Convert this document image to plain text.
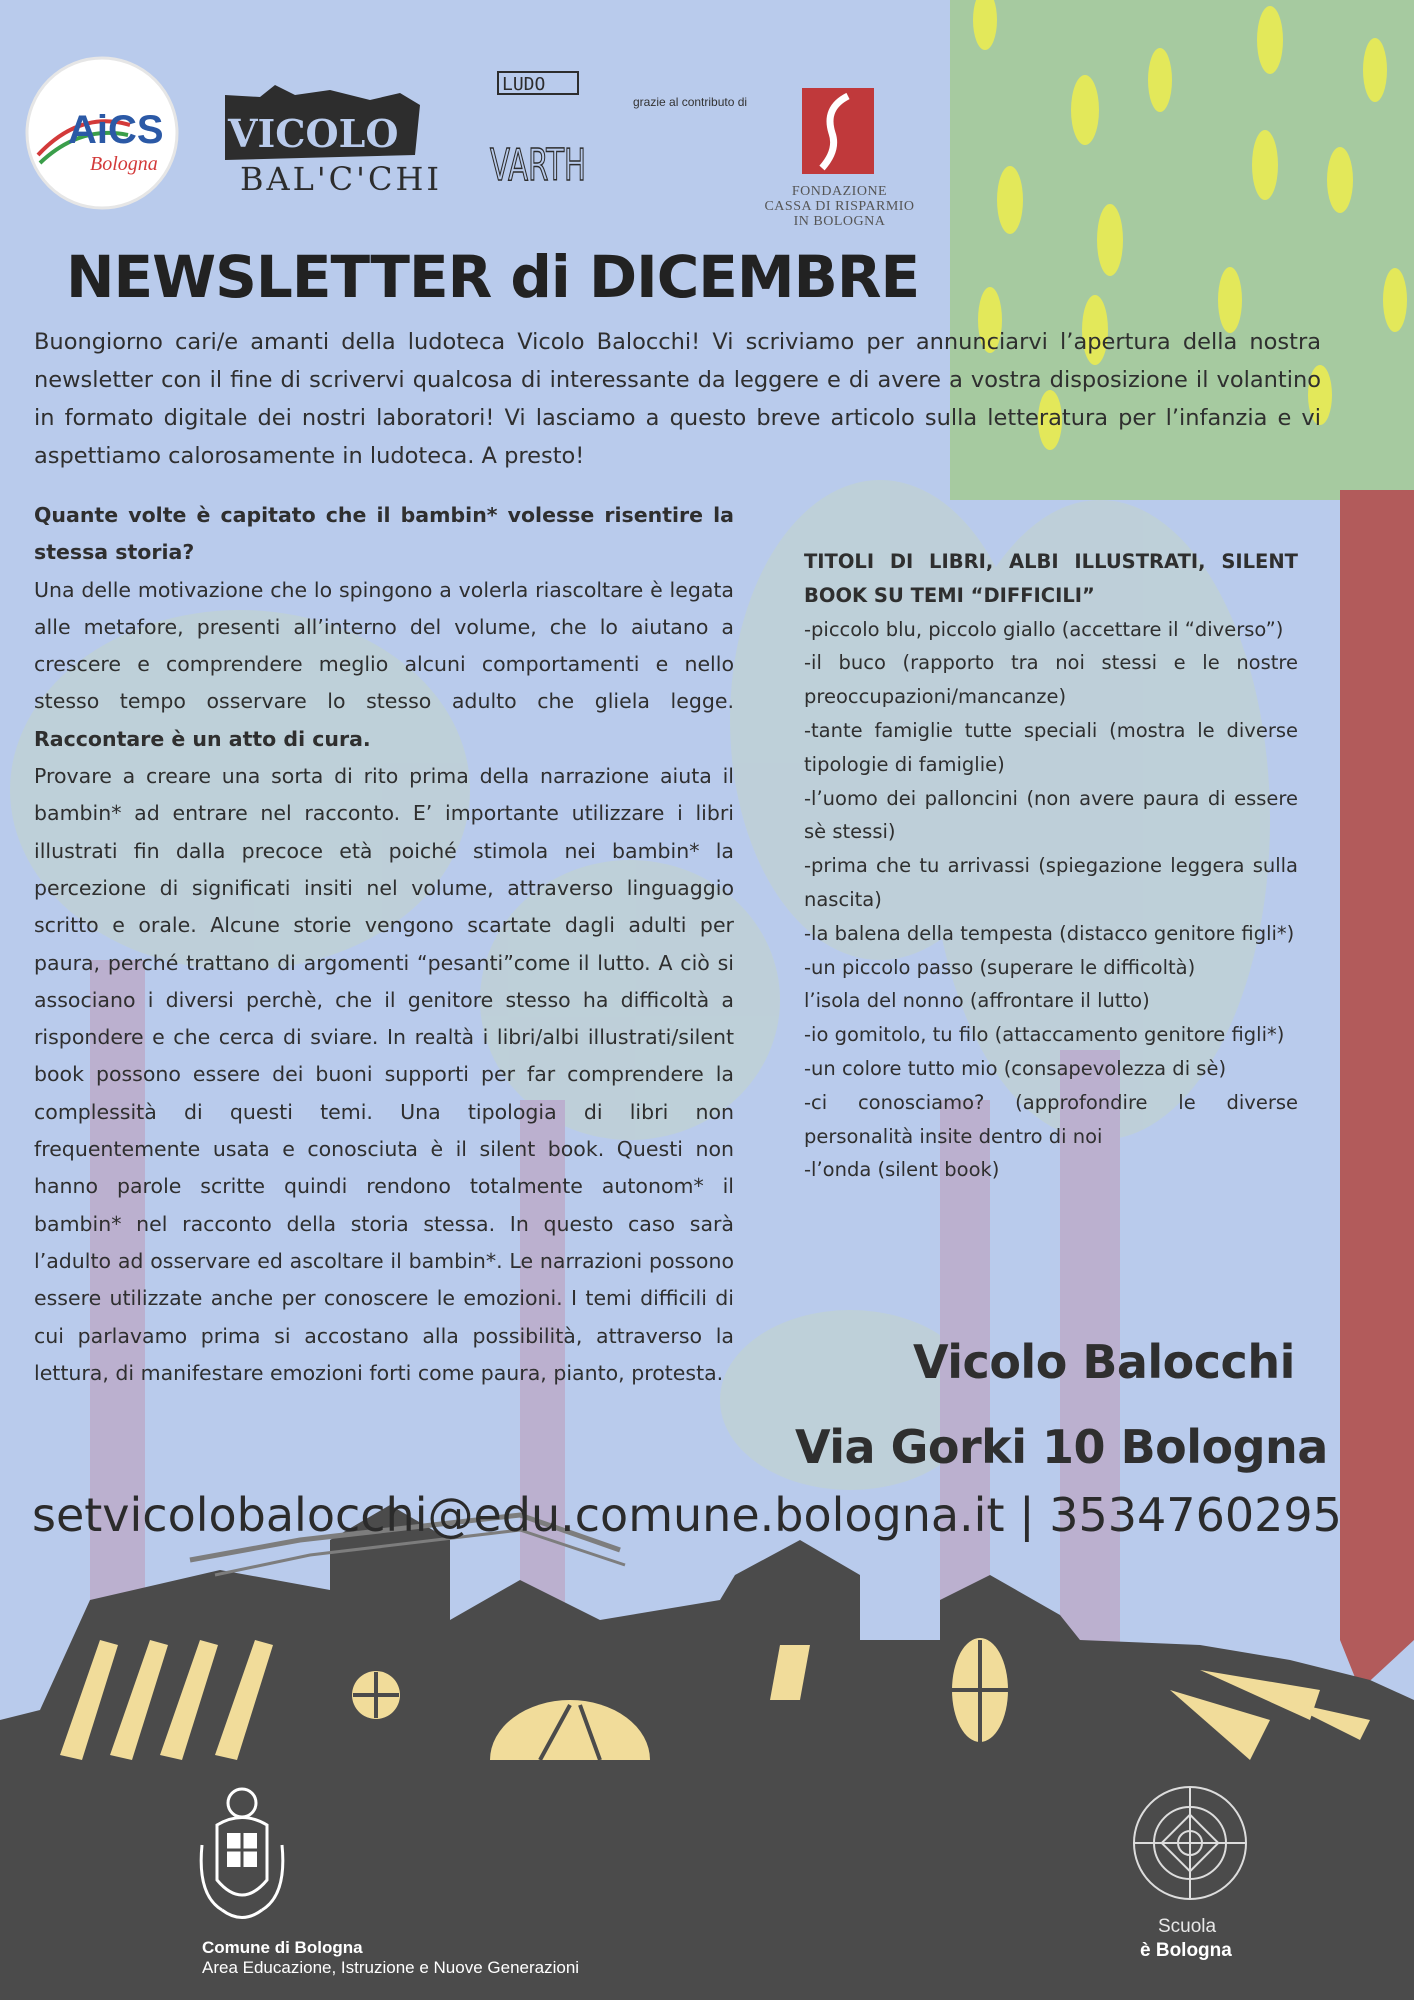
AiCS
Bologna
VICOLO
BAL'C'CHI
LUDO
VARTH
grazie al contributo di
FONDAZIONE
CASSA DI RISPARMIO
IN BOLOGNA
NEWSLETTER di DICEMBRE
Buongiorno cari/e amanti della ludoteca Vicolo Balocchi! Vi scriviamo per annunciarvi l’apertura della nostra newsletter con il fine di scrivervi qualcosa di interessante da leggere e di avere a vostra disposizione il volantino in formato digitale dei nostri laboratori! Vi lasciamo a questo breve articolo sulla letteratura per l’infanzia e vi aspettiamo calorosamente in ludoteca. A presto!
Quante volte è capitato che il bambin* volesse risentire la stessa storia?
Una delle motivazione che lo spingono a volerla riascoltare è legata alle metafore, presenti all’interno del volume, che lo aiutano a crescere e comprendere meglio alcuni comportamenti e nello stesso tempo osservare lo stesso adulto che gliela legge. Raccontare è un atto di cura.
Provare a creare una sorta di rito prima della narrazione aiuta il bambin* ad entrare nel racconto. E’ importante utilizzare i libri illustrati fin dalla precoce età poiché stimola nei bambin* la percezione di significati insiti nel volume, attraverso linguaggio scritto e orale. Alcune storie vengono scartate dagli adulti per paura, perché trattano di argomenti “pesanti”come il lutto. A ciò si associano i diversi perchè, che il genitore stesso ha difficoltà a rispondere e che cerca di sviare. In realtà i libri/albi illustrati/silent book possono essere dei buoni supporti per far comprendere la complessità di questi temi. Una tipologia di libri non frequentemente usata e conosciuta è il silent book. Questi non hanno parole scritte quindi rendono totalmente autonom* il bambin* nel racconto della storia stessa. In questo caso sarà l’adulto ad osservare ed ascoltare il bambin*. Le narrazioni possono essere utilizzate anche per conoscere le emozioni. I temi difficili di cui parlavamo prima si accostano alla possibilità, attraverso la lettura, di manifestare emozioni forti come paura, pianto, protesta.
TITOLI DI LIBRI, ALBI ILLUSTRATI, SILENT BOOK SU TEMI “DIFFICILI”
-piccolo blu, piccolo giallo (accettare il “diverso”)
-il buco (rapporto tra noi stessi e le nostre preoccupazioni/mancanze)
-tante famiglie tutte speciali (mostra le diverse tipologie di famiglie)
-l’uomo dei palloncini (non avere paura di essere sè stessi)
-prima che tu arrivassi (spiegazione leggera sulla nascita)
-la balena della tempesta (distacco genitore figli*)
-un piccolo passo (superare le difficoltà)
l’isola del nonno (affrontare il lutto)
-io gomitolo, tu filo (attaccamento genitore figli*)
-un colore tutto mio (consapevolezza di sè)
-ci conosciamo? (approfondire le diverse personalità insite dentro di noi
-l’onda (silent book)
Vicolo Balocchi
Via Gorki 10 Bologna
setvicolobalocchi@edu.comune.bologna.it | 3534760295
Comune di Bologna
Area Educazione, Istruzione e Nuove Generazioni
Scuola
è Bologna
